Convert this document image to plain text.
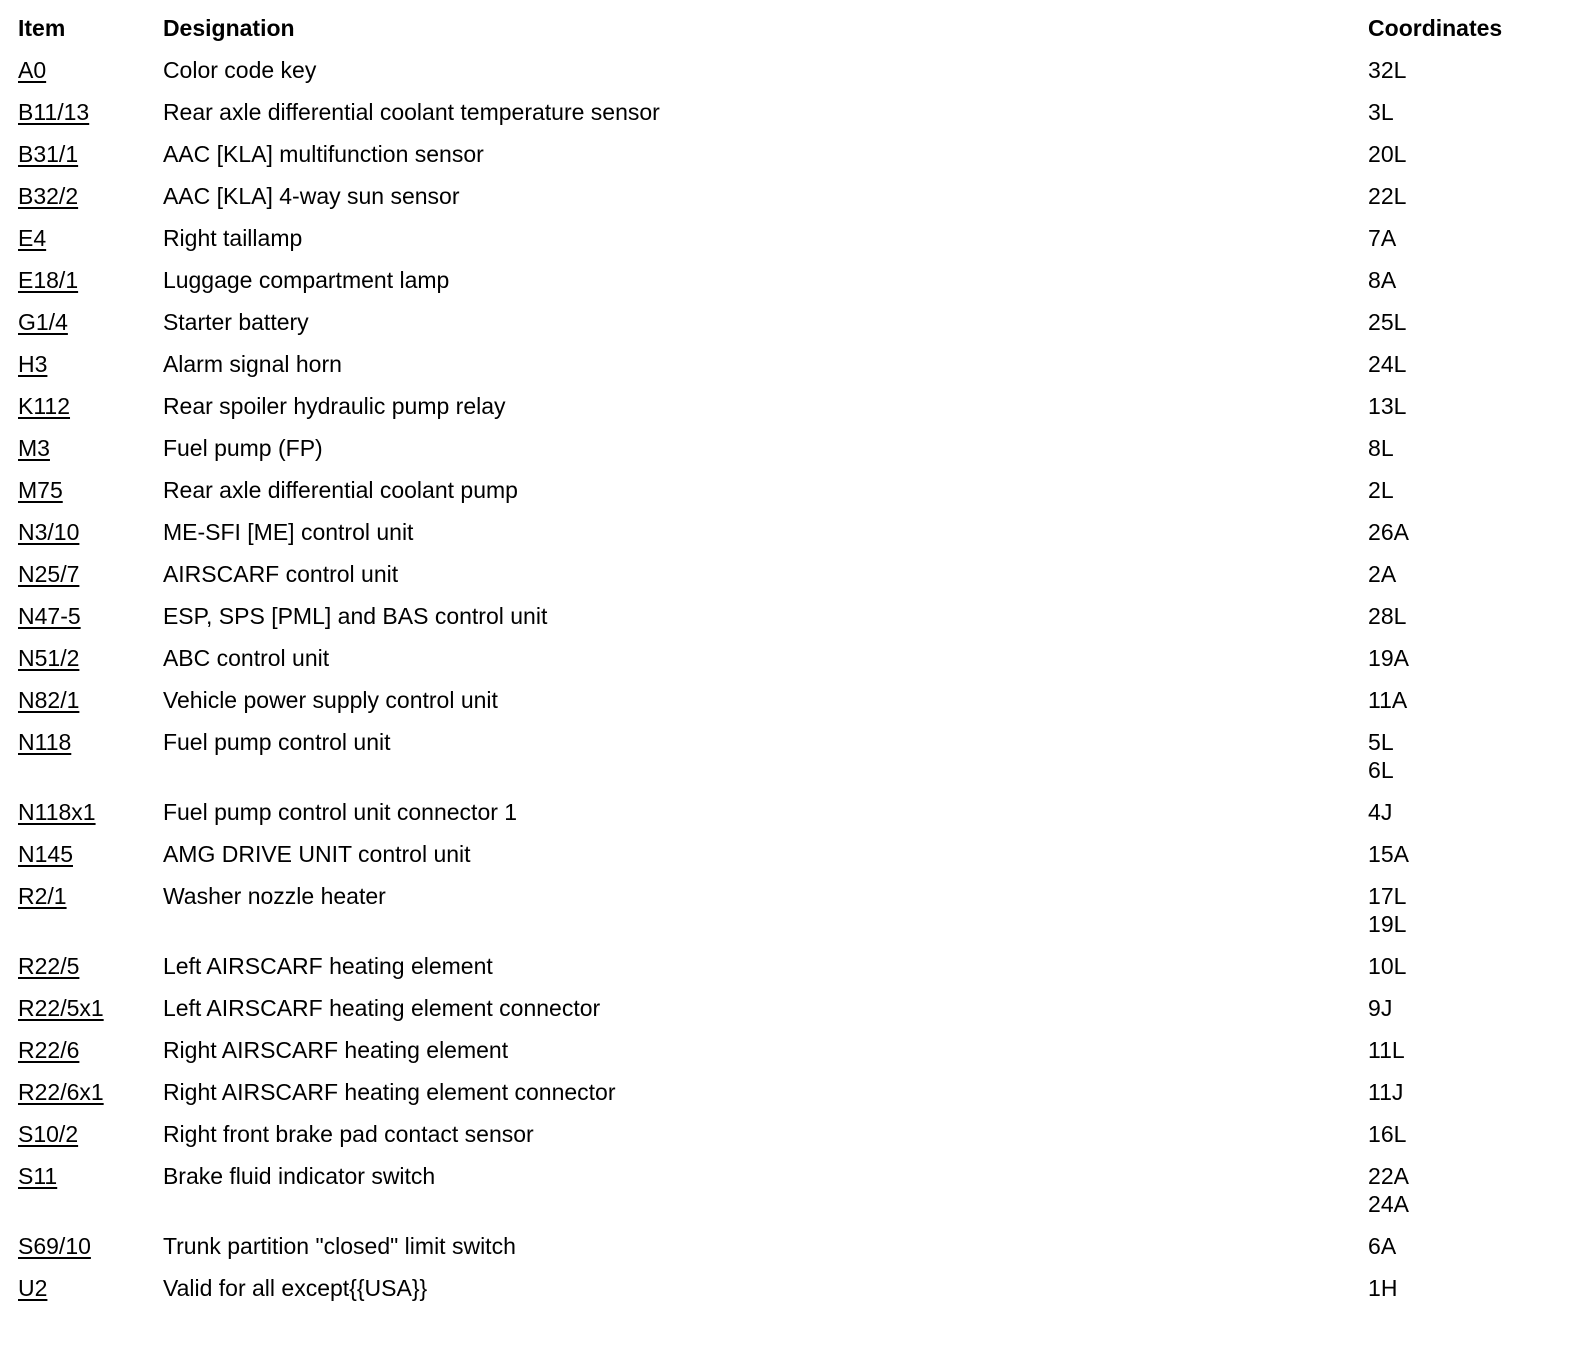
Item	Designation	Coordinates
A0	Color code key	32L

B11/13	Rear axle differential coolant temperature sensor	3L

B31/1	AAC [KLA] multifunction sensor	20L

B32/2	AAC [KLA] 4-way sun sensor	22L

E4	Right taillamp	7A

E18/1	Luggage compartment lamp	8A

G1/4	Starter battery	25L

H3	Alarm signal horn	24L

K112	Rear spoiler hydraulic pump relay	13L

M3	Fuel pump (FP)	8L

M75	Rear axle differential coolant pump	2L

N3/10	ME-SFI [ME] control unit	26A

N25/7	AIRSCARF control unit	2A

N47-5	ESP, SPS [PML] and BAS control unit	28L

N51/2	ABC control unit	19A

N82/1	Vehicle power supply control unit	11A

N118	Fuel pump control unit	5L
6L

N118x1	Fuel pump control unit connector 1	4J

N145	AMG DRIVE UNIT control unit	15A

R2/1	Washer nozzle heater	17L
19L

R22/5	Left AIRSCARF heating element	10L

R22/5x1	Left AIRSCARF heating element connector	9J

R22/6	Right AIRSCARF heating element	11L

R22/6x1	Right AIRSCARF heating element connector	11J

S10/2	Right front brake pad contact sensor	16L

S11	Brake fluid indicator switch	22A
24A

S69/10	Trunk partition "closed" limit switch	6A

U2	Valid for all except{{USA}}	1H
